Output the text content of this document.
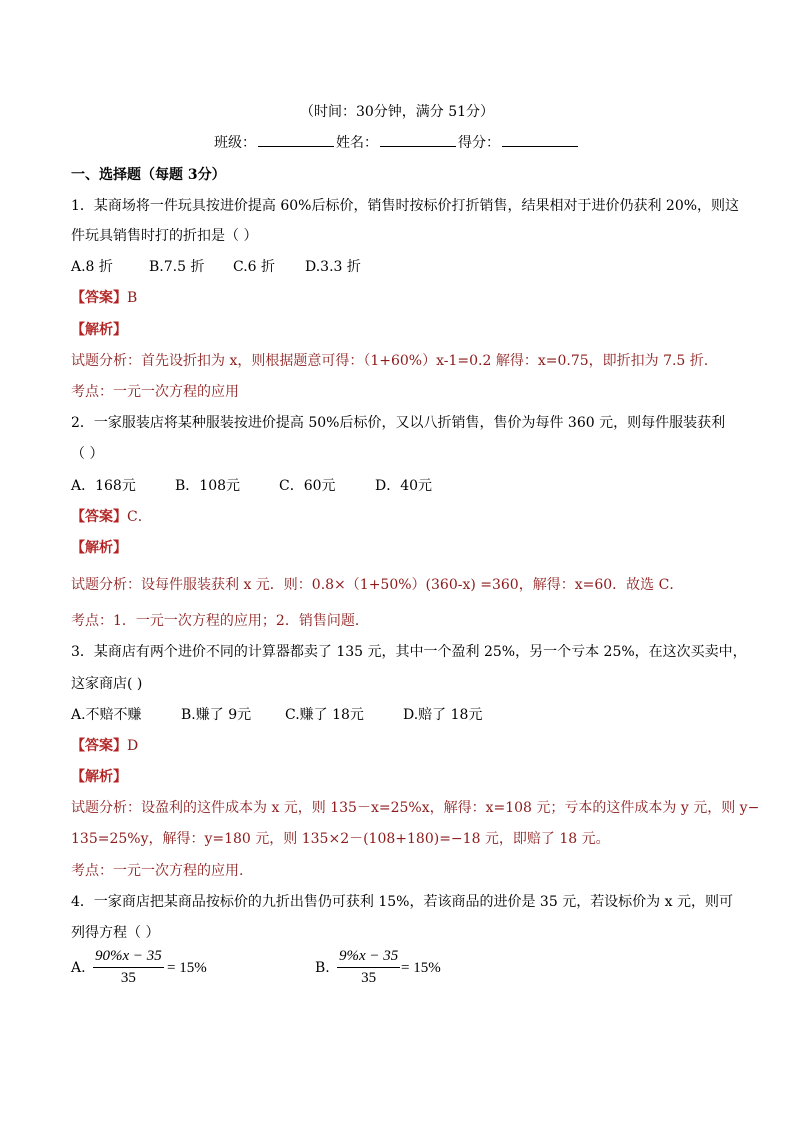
（时间：30分钟，满分 51分）
班级：	姓名：	得分：
一、选择题（每题 3分）
1．某商场将一件玩具按进价提高 60%后标价，销售时按标价打折销售，结果相对于进价仍获利 20%，则这
件玩具销售时打的折扣是（ ）
A.8 折	B.7.5 折 C.6 折 D.3.3 折
【答案】B
【解析】
试题分析：首先设折扣为 x，则根据题意可得：（1+60%）x-1=0.2 解得：x=0.75，即折扣为 7.5 折.
考点：一元一次方程的应用
2．一家服装店将某种服装按进价提高 50%后标价，又以八折销售，售价为每件 360 元，则每件服装获利
（ ）
A．168元	B．108元	C．60元	D．40元
【答案】C．
【解析】
试题分析：设每件服装获利 x 元．则：0.8×（1+50%）(360-x) =360，解得：x=60．故选 C．
考点：1．一元一次方程的应用；2．销售问题．
3．某商店有两个进价不同的计算器都卖了 135 元，其中一个盈利 25%，另一个亏本 25%，在这次买卖中，
这家商店( )
A.不赔不赚	B.赚了 9元 C.赚了 18元	D.赔了 18元
【答案】D
【解析】
试题分析：设盈利的这件成本为 x 元，则 135－x=25%x，解得：x=108 元；亏本的这件成本为 y 元，则 y−
135=25%y，解得：y=180 元，则 135×2－(108+180)=−18 元，即赔了 18 元。
考点：一元一次方程的应用.
4．一家商店把某商品按标价的九折出售仍可获利 15%，若该商品的进价是 35 元，若设标价为 x 元，则可
列得方程（ ）
A.
90%x − 35
35
= 15%	B.
9%x − 35
35
= 15%
